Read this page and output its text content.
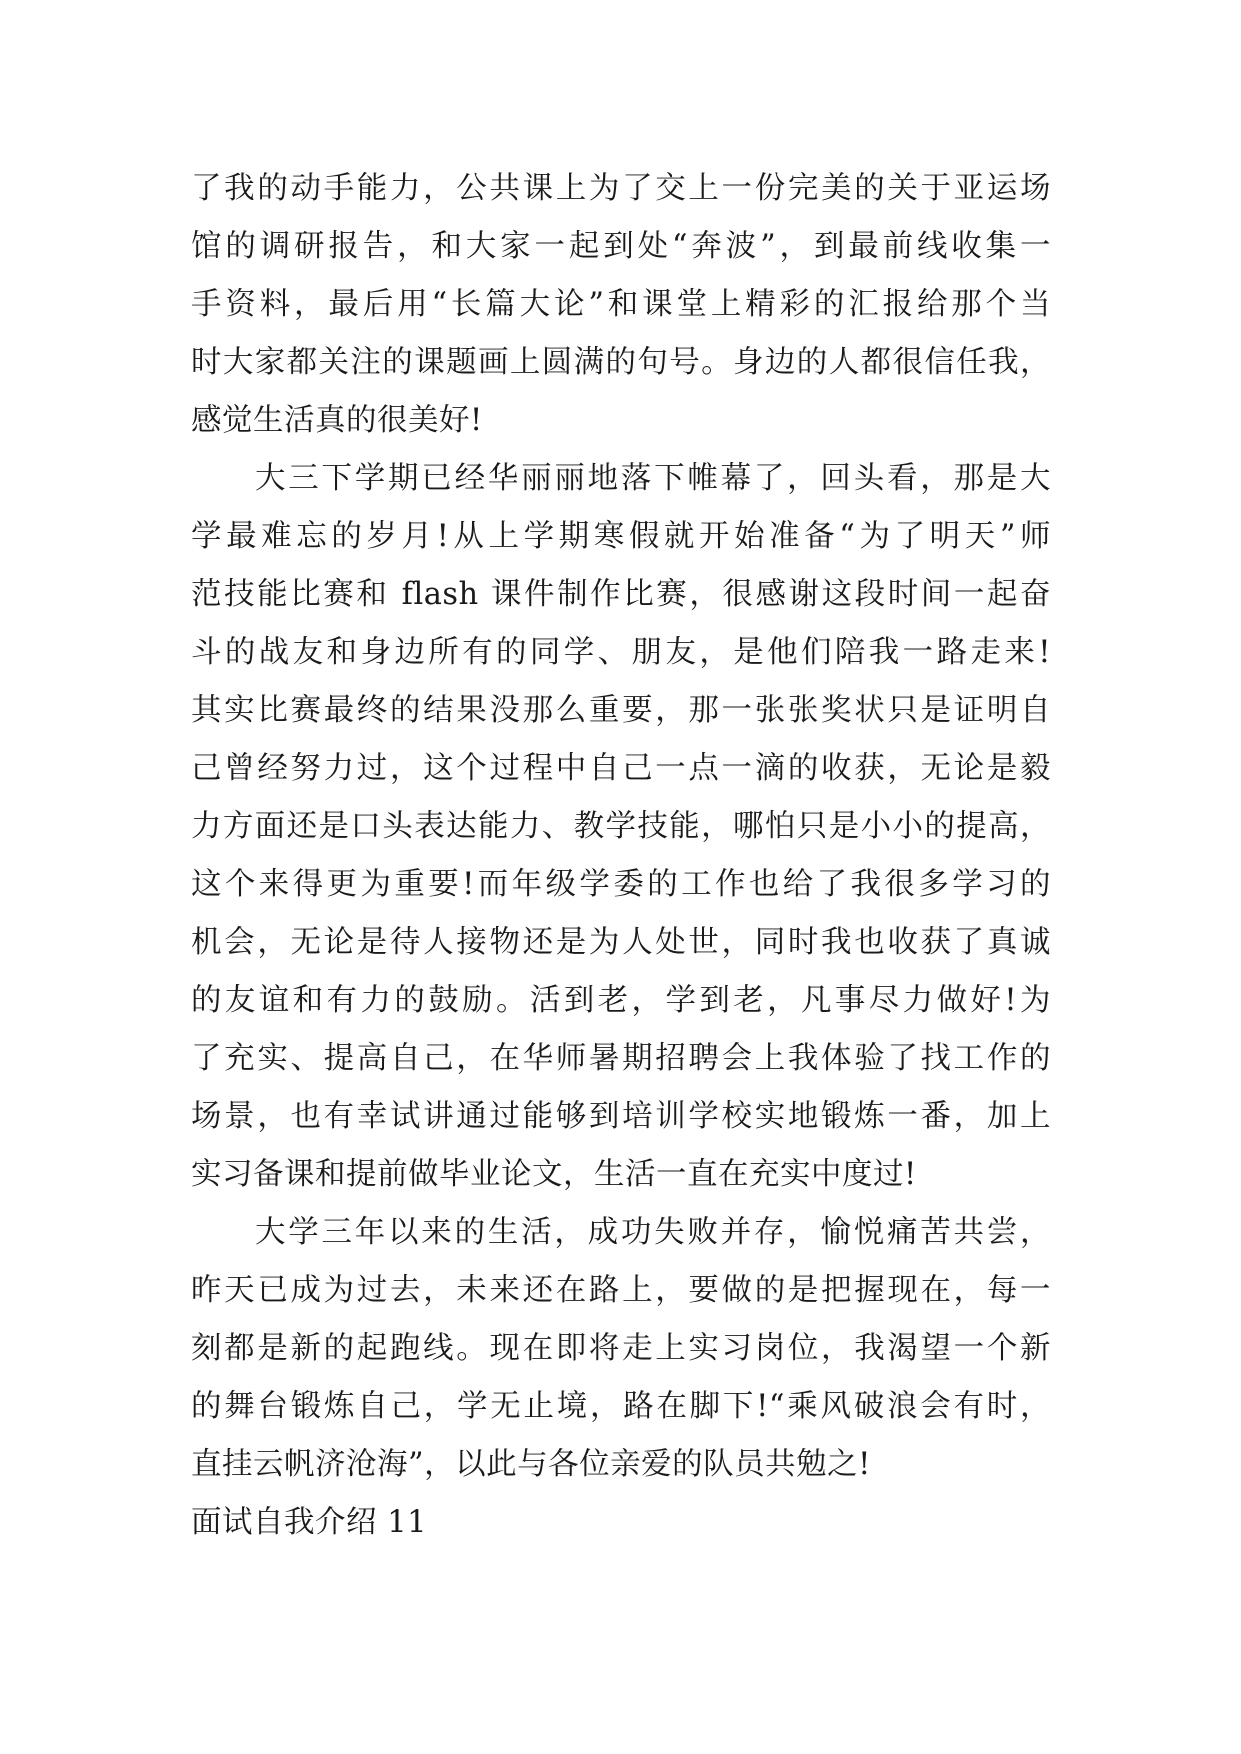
了我的动手能力，公共课上为了交上一份完美的关于亚运场
馆的调研报告，和大家一起到处“奔波”，到最前线收集一
手资料，最后用“长篇大论”和课堂上精彩的汇报给那个当
时大家都关注的课题画上圆满的句号。身边的人都很信任我，
感觉生活真的很美好!
大三下学期已经华丽丽地落下帷幕了，回头看，那是大
学最难忘的岁月!从上学期寒假就开始准备“为了明天”师
范技能比赛和 flash 课件制作比赛，很感谢这段时间一起奋
斗的战友和身边所有的同学、朋友，是他们陪我一路走来!
其实比赛最终的结果没那么重要，那一张张奖状只是证明自
己曾经努力过，这个过程中自己一点一滴的收获，无论是毅
力方面还是口头表达能力、教学技能，哪怕只是小小的提高，
这个来得更为重要!而年级学委的工作也给了我很多学习的
机会，无论是待人接物还是为人处世，同时我也收获了真诚
的友谊和有力的鼓励。活到老，学到老，凡事尽力做好!为
了充实、提高自己，在华师暑期招聘会上我体验了找工作的
场景，也有幸试讲通过能够到培训学校实地锻炼一番，加上
实习备课和提前做毕业论文，生活一直在充实中度过!
大学三年以来的生活，成功失败并存，愉悦痛苦共尝，
昨天已成为过去，未来还在路上，要做的是把握现在，每一
刻都是新的起跑线。现在即将走上实习岗位，我渴望一个新
的舞台锻炼自己，学无止境，路在脚下!“乘风破浪会有时，
直挂云帆济沧海”，以此与各位亲爱的队员共勉之!
面试自我介绍 11
